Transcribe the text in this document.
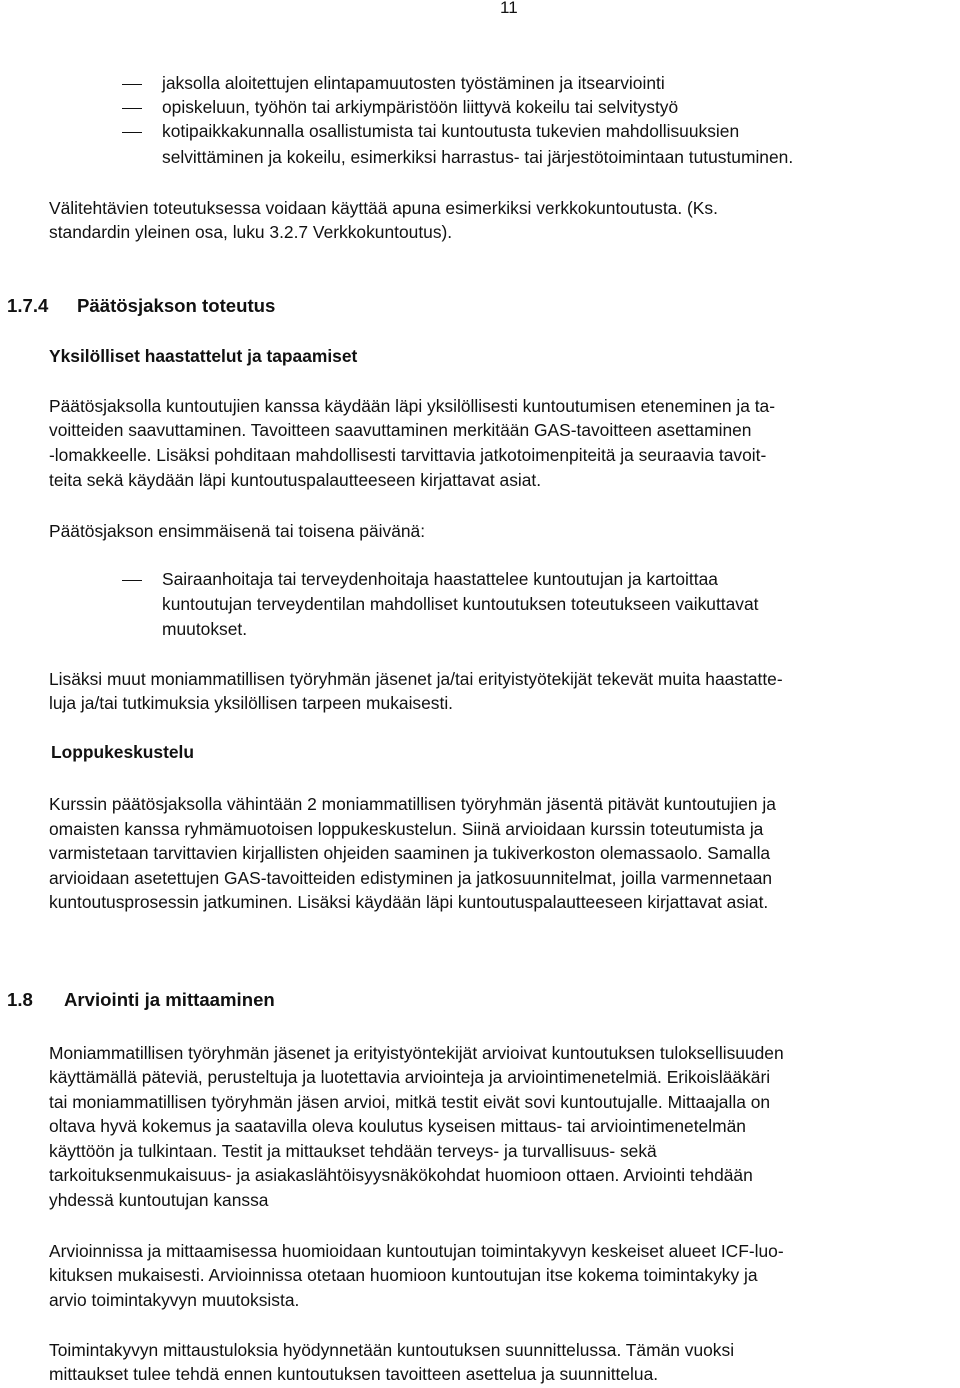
11
jaksolla aloitettujen elintapamuutosten työstäminen ja itsearviointi
opiskeluun, työhön tai arkiympäristöön liittyvä kokeilu tai selvitystyö
kotipaikkakunnalla osallistumista tai kuntoutusta tukevien mahdollisuuksien
selvittäminen ja kokeilu, esimerkiksi harrastus- tai järjestötoimintaan tutustuminen.
Välitehtävien toteutuksessa voidaan käyttää apuna esimerkiksi verkkokuntoutusta. (Ks.
standardin yleinen osa, luku 3.2.7 Verkkokuntoutus).
1.7.4 Päätösjakson toteutus
Yksilölliset haastattelut ja tapaamiset
Päätösjaksolla kuntoutujien kanssa käydään läpi yksilöllisesti kuntoutumisen eteneminen ja ta-
voitteiden saavuttaminen. Tavoitteen saavuttaminen merkitään GAS-tavoitteen asettaminen
-lomakkeelle. Lisäksi pohditaan mahdollisesti tarvittavia jatkotoimenpiteitä ja seuraavia tavoit-
teita sekä käydään läpi kuntoutuspalautteeseen kirjattavat asiat.
Päätösjakson ensimmäisenä tai toisena päivänä:
Sairaanhoitaja tai terveydenhoitaja haastattelee kuntoutujan ja kartoittaa
kuntoutujan terveydentilan mahdolliset kuntoutuksen toteutukseen vaikuttavat
muutokset.
Lisäksi muut moniammatillisen työryhmän jäsenet ja/tai erityistyötekijät tekevät muita haastatte-
luja ja/tai tutkimuksia yksilöllisen tarpeen mukaisesti.
Loppukeskustelu
Kurssin päätösjaksolla vähintään 2 moniammatillisen työryhmän jäsentä pitävät kuntoutujien ja
omaisten kanssa ryhmämuotoisen loppukeskustelun. Siinä arvioidaan kurssin toteutumista ja
varmistetaan tarvittavien kirjallisten ohjeiden saaminen ja tukiverkoston olemassaolo. Samalla
arvioidaan asetettujen GAS-tavoitteiden edistyminen ja jatkosuunnitelmat, joilla varmennetaan
kuntoutusprosessin jatkuminen. Lisäksi käydään läpi kuntoutuspalautteeseen kirjattavat asiat.
1.8 Arviointi ja mittaaminen
Moniammatillisen työryhmän jäsenet ja erityistyöntekijät arvioivat kuntoutuksen tuloksellisuuden
käyttämällä päteviä, perusteltuja ja luotettavia arviointeja ja arviointimenetelmiä. Erikoislääkäri
tai moniammatillisen työryhmän jäsen arvioi, mitkä testit eivät sovi kuntoutujalle. Mittaajalla on
oltava hyvä kokemus ja saatavilla oleva koulutus kyseisen mittaus- tai arviointimenetelmän
käyttöön ja tulkintaan. Testit ja mittaukset tehdään terveys- ja turvallisuus- sekä
tarkoituksenmukaisuus- ja asiakaslähtöisyysnäkökohdat huomioon ottaen. Arviointi tehdään
yhdessä kuntoutujan kanssa
Arvioinnissa ja mittaamisessa huomioidaan kuntoutujan toimintakyvyn keskeiset alueet ICF-luo-
kituksen mukaisesti. Arvioinnissa otetaan huomioon kuntoutujan itse kokema toimintakyky ja
arvio toimintakyvyn muutoksista.
Toimintakyvyn mittaustuloksia hyödynnetään kuntoutuksen suunnittelussa. Tämän vuoksi
mittaukset tulee tehdä ennen kuntoutuksen tavoitteen asettelua ja suunnittelua.
